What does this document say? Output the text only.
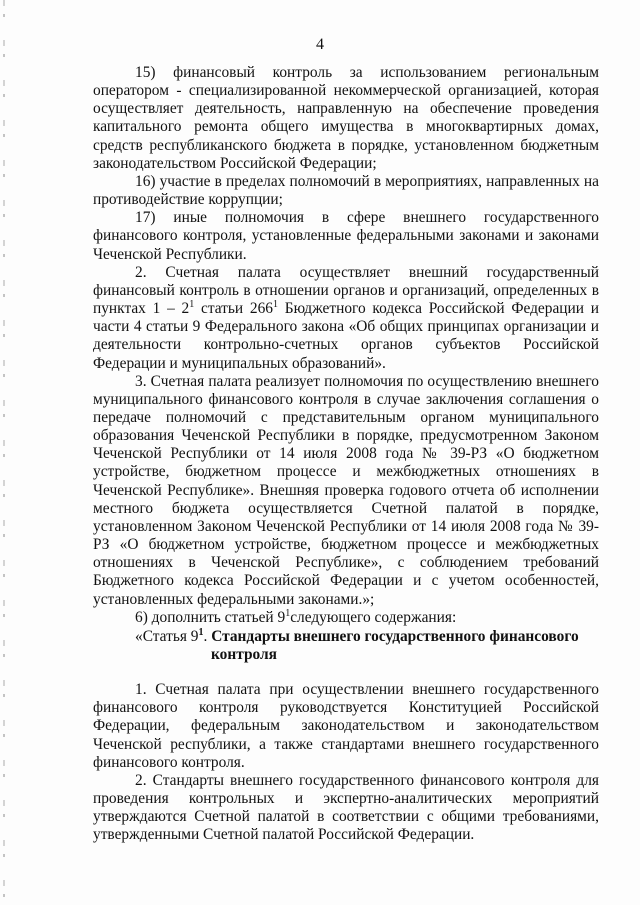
4

15) финансовый контроль за использованием региональным оператором - специализированной некоммерческой организацией, которая осуществляет деятельность, направленную на обеспечение проведения капитального ремонта общего имущества в многоквартирных домах, средств республиканского бюджета в порядке, установленном бюджетным законодательством Российской Федерации;

16) участие в пределах полномочий в мероприятиях, направленных на противодействие коррупции;

17) иные полномочия в сфере внешнего государственного финансового контроля, установленные федеральными законами и законами Чеченской Республики.

2. Счетная палата осуществляет внешний государственный финансовый контроль в отношении органов и организаций, определенных в пунктах $1 - 2^1$ статьи $266^1$ Бюджетного кодекса Российской Федерации и части 4 статьи 9 Федерального закона «Об общих принципах организации и деятельности контрольно-счетных органов субъектов Российской Федерации и муниципальных образований».

3. Счетная палата реализует полномочия по осуществлению внешнего муниципального финансового контроля в случае заключения соглашения о передаче полномочий с представительным органом муниципального образования Чеченской Республики в порядке, предусмотренном Законом Чеченской Республики от 14 июля 2008 года № 39-РЗ «О бюджетном устройстве, бюджетном процессе и межбюджетных отношениях в Чеченской Республике». Внешняя проверка годового отчета об исполнении местного бюджета осуществляется Счетной палатой в порядке, установленном Законом Чеченской Республики от 14 июля 2008 года № 39-РЗ «О бюджетном устройстве, бюджетном процессе и межбюджетных отношениях в Чеченской Республике», с соблюдением требований Бюджетного кодекса Российской Федерации и с учетом особенностей, установленных федеральными законами.»;

6) дополнить статьей $9^1следующего$ содержания:

«Статья $9^1$. Стандарты внешнего государственного финансового
контроля

1. Счетная палата при осуществлении внешнего государственного финансового контроля руководствуется Конституцией Российской Федерации, федеральным законодательством и законодательством Чеченской республики, а также стандартами внешнего государственного финансового контроля.

2. Стандарты внешнего государственного финансового контроля для проведения контрольных и экспертно-аналитических мероприятий утверждаются Счетной палатой в соответствии с общими требованиями, утвержденными Счетной палатой Российской Федерации.
